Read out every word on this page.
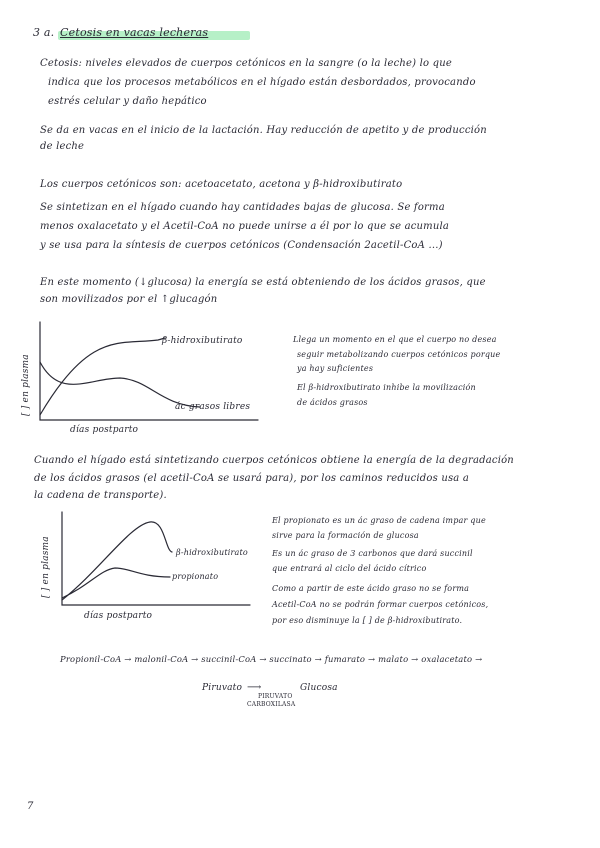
3 a. Cetosis en vacas lecheras
Cetosis: niveles elevados de cuerpos cetónicos en la sangre (o la leche) lo que
indica que los procesos metabólicos en el hígado están desbordados, provocando
estrés celular y daño hepático
Se da en vacas en el inicio de la lactación. Hay reducción de apetito y de producción
de leche
Los cuerpos cetónicos son: acetoacetato, acetona y β-hidroxibutirato
Se sintetizan en el hígado cuando hay cantidades bajas de glucosa. Se forma
menos oxalacetato y el Acetil-CoA no puede unirse a él por lo que se acumula
y se usa para la síntesis de cuerpos cetónicos (Condensación 2acetil-CoA ...)
En este momento (↓glucosa) la energía se está obteniendo de los ácidos grasos, que
son movilizados por el ↑glucagón
[ ] en plasma
días postparto
β-hidroxibutirato
ác grasos libres
Llega un momento en el que el cuerpo no desea
seguir metabolizando cuerpos cetónicos porque
ya hay suficientes
El β-hidroxibutirato inhibe la movilización
de ácidos grasos
Cuando el hígado está sintetizando cuerpos cetónicos obtiene la energía de la degradación
de los ácidos grasos (el acetil-CoA se usará para), por los caminos reducidos usa a
la cadena de transporte).
[ ] en plasma
días postparto
β-hidroxibutirato
propionato
El propionato es un ác graso de cadena impar que
sirve para la formación de glucosa
Es un ác graso de 3 carbonos que dará succinil
que entrará al ciclo del ácido cítrico
Como a partir de este ácido graso no se forma
Acetil-CoA no se podrán formar cuerpos cetónicos,
por eso disminuye la [ ] de β-hidroxibutirato.
Propionil-CoA → malonil-CoA → succinil-CoA → succinato → fumarato → malato → oxalacetato →
Piruvato ⟶	Glucosa
PIRUVATO
CARBOXILASA
7
